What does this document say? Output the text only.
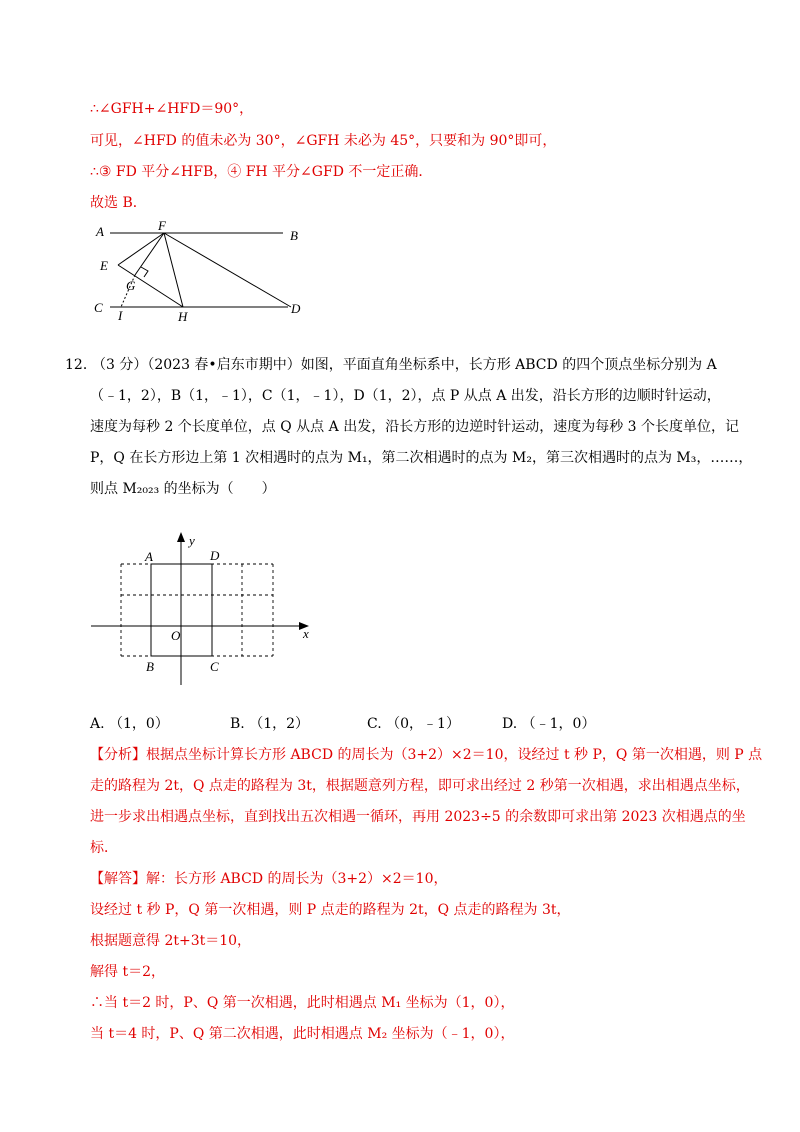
∴∠GFH+∠HFD＝90°，
可见，∠HFD 的值未必为 30°，∠GFH 未必为 45°，只要和为 90°即可，
∴③ FD 平分∠HFB，④ FH 平分∠GFD 不一定正确．
故选 B．
A	B
F
E
G
C
I	H
D
12．
（3 分）（2023 春•启东市期中）如图，平面直角坐标系中，长方形 ABCD 的四个顶点坐标分别为 A
（﹣1，2），B（1，﹣1），C（1，﹣1），D（1，2），点 P 从点 A 出发，沿长方形的边顺时针运动，
速度为每秒 2 个长度单位，点 Q 从点 A 出发，沿长方形的边逆时针运动，速度为每秒 3 个长度单位，记
P，Q 在长方形边上第 1 次相遇时的点为 M₁，第二次相遇时的点为 M₂，第三次相遇时的点为 M₃，……，
则点 M₂₀₂₃ 的坐标为（　　）
A	D
B	C
O	x
y
A. （1，0）	B. （1，2）	C. （0，﹣1）	D. （﹣1，0）
【分析】根据点坐标计算长方形 ABCD 的周长为（3+2）×2＝10，设经过 t 秒 P，Q 第一次相遇，则 P 点
走的路程为 2t，Q 点走的路程为 3t，根据题意列方程，即可求出经过 2 秒第一次相遇，求出相遇点坐标，
进一步求出相遇点坐标，直到找出五次相遇一循环，再用 2023÷5 的余数即可求出第 2023 次相遇点的坐
标．
【解答】解：长方形 ABCD 的周长为（3+2）×2＝10，
设经过 t 秒 P，Q 第一次相遇，则 P 点走的路程为 2t，Q 点走的路程为 3t，
根据题意得 2t+3t＝10，
解得 t＝2，
∴当 t＝2 时，P、Q 第一次相遇，此时相遇点 M₁ 坐标为（1，0），
当 t＝4 时，P、Q 第二次相遇，此时相遇点 M₂ 坐标为（﹣1，0），
